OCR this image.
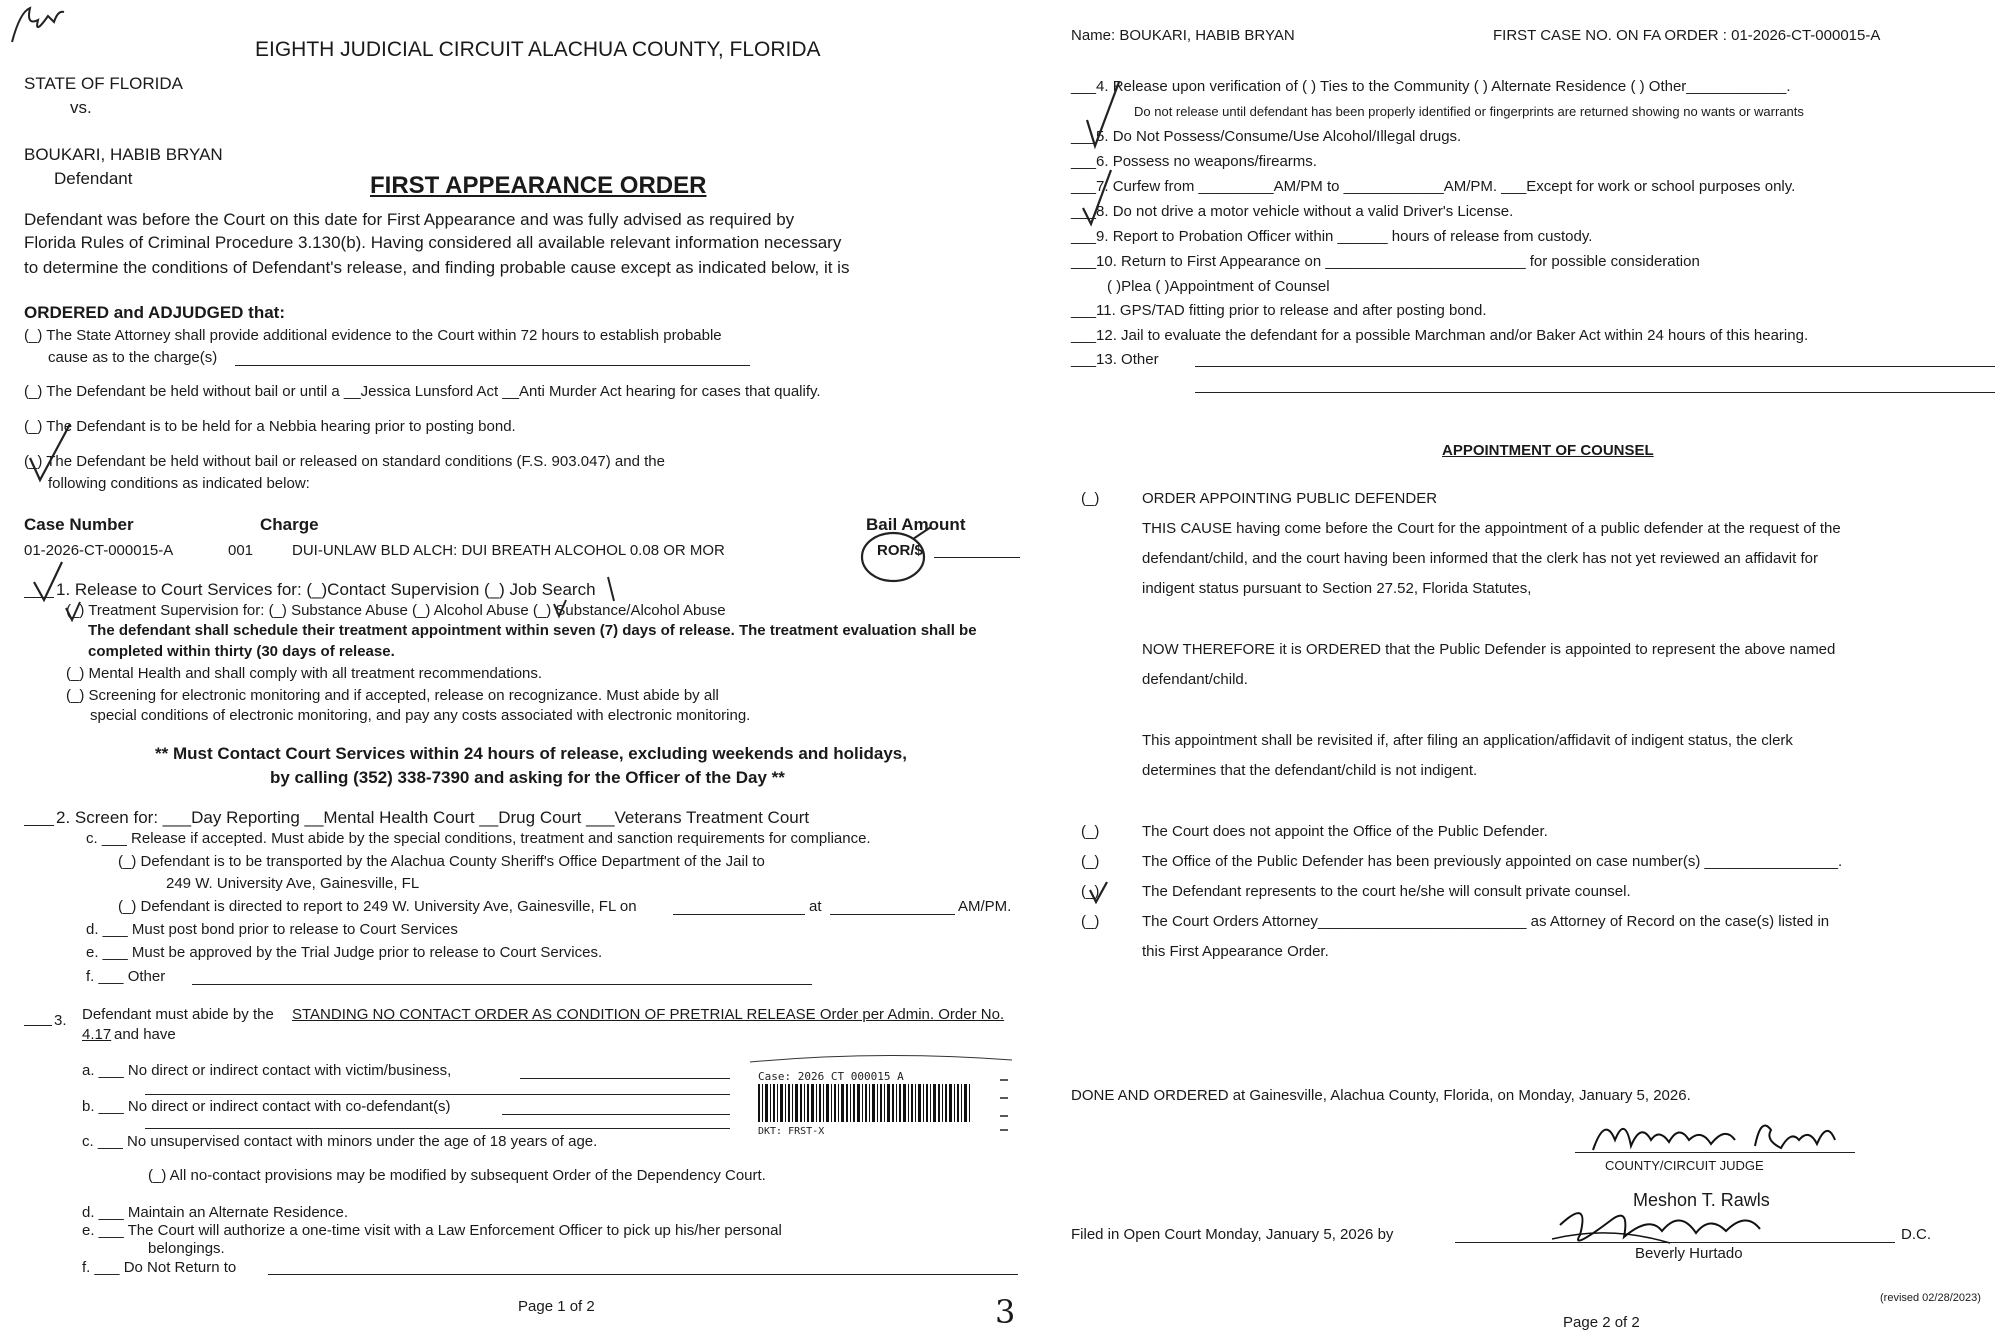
EIGHTH JUDICIAL CIRCUIT ALACHUA COUNTY, FLORIDA
STATE OF FLORIDA
vs.
BOUKARI, HABIB BRYAN
Defendant	FIRST APPEARANCE ORDER
Defendant was before the Court on this date for First Appearance and was fully advised as required by
Florida Rules of Criminal Procedure 3.130(b). Having considered all available relevant information necessary
to determine the conditions of Defendant's release, and finding probable cause except as indicated below, it is
ORDERED and ADJUDGED that:
(_) The State Attorney shall provide additional evidence to the Court within 72 hours to establish probable
cause as to the charge(s)
(_) The Defendant be held without bail or until a __Jessica Lunsford Act __Anti Murder Act hearing for cases that qualify.
(_) The Defendant is to be held for a Nebbia hearing prior to posting bond.
(_) The Defendant be held without bail or released on standard conditions (F.S. 903.047) and the
following conditions as indicated below:
Case Number	Charge	Bail Amount
01-2026-CT-000015-A	001	DUI-UNLAW BLD ALCH: DUI BREATH ALCOHOL 0.08 OR MOR	ROR/$
1. Release to Court Services for: (_)Contact Supervision (_) Job Search
(_) Treatment Supervision for: (_) Substance Abuse (_) Alcohol Abuse (_) Substance/Alcohol Abuse
The defendant shall schedule their treatment appointment within seven (7) days of release. The treatment evaluation shall be
completed within thirty (30 days of release.
(_) Mental Health and shall comply with all treatment recommendations.
(_) Screening for electronic monitoring and if accepted, release on recognizance. Must abide by all
special conditions of electronic monitoring, and pay any costs associated with electronic monitoring.
** Must Contact Court Services within 24 hours of release, excluding weekends and holidays,
by calling (352) 338-7390 and asking for the Officer of the Day **
2. Screen for: ___Day Reporting __Mental Health Court __Drug Court ___Veterans Treatment Court
c. ___ Release if accepted. Must abide by the special conditions, treatment and sanction requirements for compliance.
(_) Defendant is to be transported by the Alachua County Sheriff's Office Department of the Jail to
249 W. University Ave, Gainesville, FL
(_) Defendant is directed to report to 249 W. University Ave, Gainesville, FL on	at	AM/PM.
d. ___ Must post bond prior to release to Court Services
e. ___ Must be approved by the Trial Judge prior to release to Court Services.
f. ___ Other
3. Defendant must abide by the STANDING NO CONTACT ORDER AS CONDITION OF PRETRIAL RELEASE Order per Admin. Order No.
4.17 and have
a. ___ No direct or indirect contact with victim/business,
b. ___ No direct or indirect contact with co-defendant(s)
c. ___ No unsupervised contact with minors under the age of 18 years of age.
(_) All no-contact provisions may be modified by subsequent Order of the Dependency Court.
d. ___ Maintain an Alternate Residence.
e. ___ The Court will authorize a one-time visit with a Law Enforcement Officer to pick up his/her personal
belongings.
f. ___ Do Not Return to
Case: 2026 CT 000015 A
DKT: FRST-X
Page 1 of 2	3
Name: BOUKARI, HABIB BRYAN	FIRST CASE NO. ON FA ORDER : 01-2026-CT-000015-A
___4. Release upon verification of ( ) Ties to the Community ( ) Alternate Residence ( ) Other____________.
Do not release until defendant has been properly identified or fingerprints are returned showing no wants or warrants
___5. Do Not Possess/Consume/Use Alcohol/Illegal drugs.
___6. Possess no weapons/firearms.
___7. Curfew from _________AM/PM to ____________AM/PM. ___Except for work or school purposes only.
___8. Do not drive a motor vehicle without a valid Driver's License.
___9. Report to Probation Officer within ______ hours of release from custody.
___10. Return to First Appearance on ________________________ for possible consideration
( )Plea ( )Appointment of Counsel
___11. GPS/TAD fitting prior to release and after posting bond.
___12. Jail to evaluate the defendant for a possible Marchman and/or Baker Act within 24 hours of this hearing.
___13. Other
APPOINTMENT OF COUNSEL
(_)	ORDER APPOINTING PUBLIC DEFENDER
THIS CAUSE having come before the Court for the appointment of a public defender at the request of the
defendant/child, and the court having been informed that the clerk has not yet reviewed an affidavit for
indigent status pursuant to Section 27.52, Florida Statutes,
NOW THEREFORE it is ORDERED that the Public Defender is appointed to represent the above named
defendant/child.
This appointment shall be revisited if, after filing an application/affidavit of indigent status, the clerk
determines that the defendant/child is not indigent.
(_)	The Court does not appoint the Office of the Public Defender.
(_)	The Office of the Public Defender has been previously appointed on case number(s) ________________.
(_)	The Defendant represents to the court he/she will consult private counsel.
(_)	The Court Orders Attorney_________________________ as Attorney of Record on the case(s) listed in
this First Appearance Order.
DONE AND ORDERED at Gainesville, Alachua County, Florida, on Monday, January 5, 2026.
COUNTY/CIRCUIT JUDGE
Meshon T. Rawls
Filed in Open Court Monday, January 5, 2026 by	D.C.
Beverly Hurtado
(revised 02/28/2023)
Page 2 of 2
